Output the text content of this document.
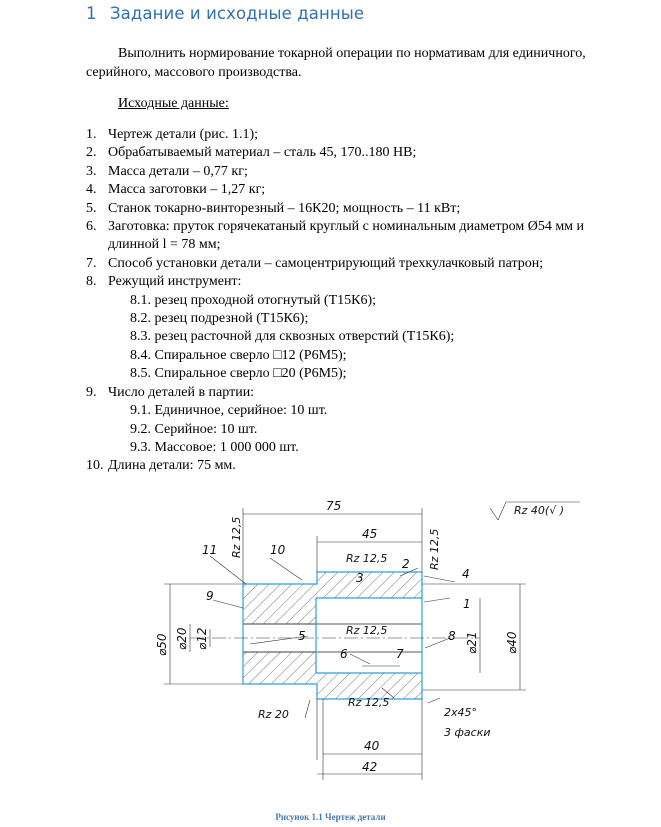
1 Задание и исходные данные
Выполнить нормирование токарной операции по нормативам для единичного, серийного, массового производства.
Исходные данные:
1. Чертеж детали (рис. 1.1);
2. Обрабатываемый материал – сталь 45, 170..180 HB;
3. Масса детали – 0,77 кг;
4. Масса заготовки – 1,27 кг;
5. Станок токарно-винторезный – 16К20; мощность – 11 кВт;
6. Заготовка: пруток горячекатаный круглый с номинальным диаметром Ø54 мм и длинной l = 78 мм;
7. Способ установки детали – самоцентрирующий трехкулачковый патрон;
8. Режущий инструмент:
8.1. резец проходной отогнутый (Т15К6);
8.2. резец подрезной (Т15К6);
8.3. резец расточной для сквозных отверстий (Т15К6);
8.4. Спиральное сверло □12 (Р6М5);
8.5. Спиральное сверло □20 (Р6М5);
9. Число деталей в партии:
9.1. Единичное, серийное: 10 шт.
9.2. Серийное: 10 шт.
9.3. Массовое: 1 000 000 шт.
10. Длина детали: 75 мм.
75
45
40
42
⌀50 ⌀20 ⌀12	⌀21 ⌀40
Rz 12,5	Rz 12,5
Rz 12,5
Rz 12,5
Rz 12,5
Rz 20
Rz 40(√ )
2х45°
3 фаски
1
2
3	4
5
6	7
8
9
10
11
Рисунок 1.1 Чертеж детали
